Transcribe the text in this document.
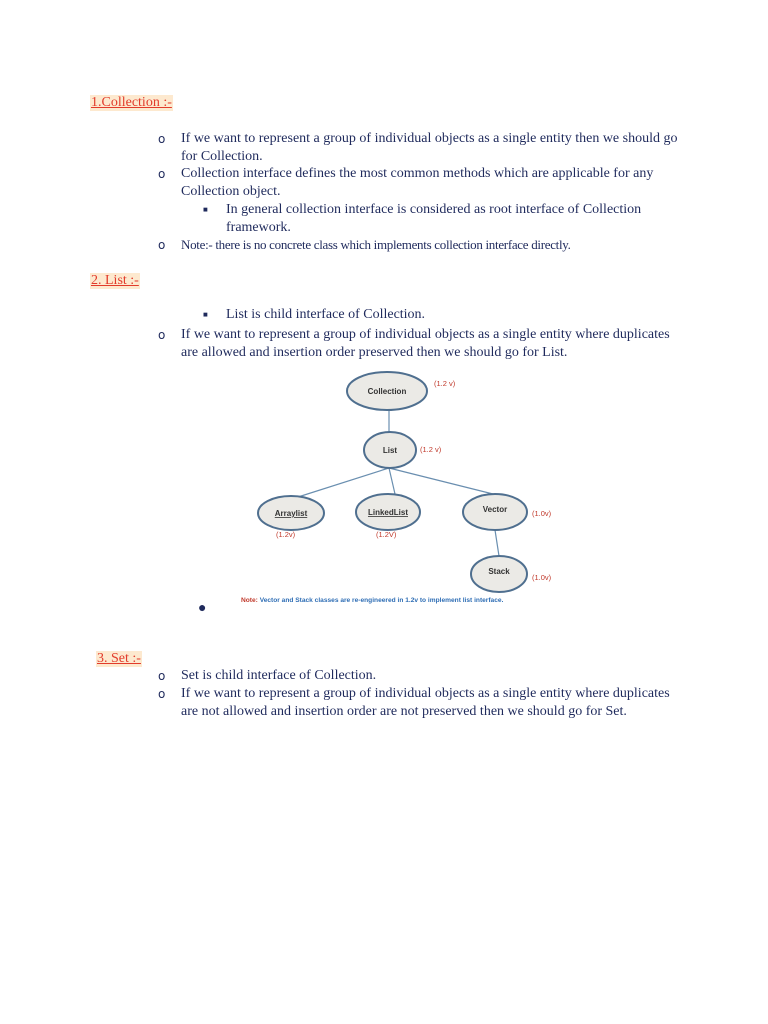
1.Collection :-
o If we want to represent a group of individual objects as a single entity then we should go for Collection.
o Collection interface defines the most common methods which are applicable for any Collection object.
■ In general collection interface is considered as root interface of Collection framework.
o Note:- there is no concrete class which implements collection interface directly.
2. List :-
■ List is child interface of Collection.
o If we want to represent a group of individual objects as a single entity where duplicates are allowed and insertion order preserved then we should go for List.
Collection
(1.2 v)
List	(1.2 v)
Arraylist
(1.2v)
LinkedList
(1.2V)
Vector	(1.0v)
Stack
(1.0v)
Note: Vector and Stack classes are re-engineered in 1.2v to implement list interface.
●
3. Set :-
o Set is child interface of Collection.
o If we want to represent a group of individual objects as a single entity where duplicates are not allowed and insertion order are not preserved then we should go for Set.
